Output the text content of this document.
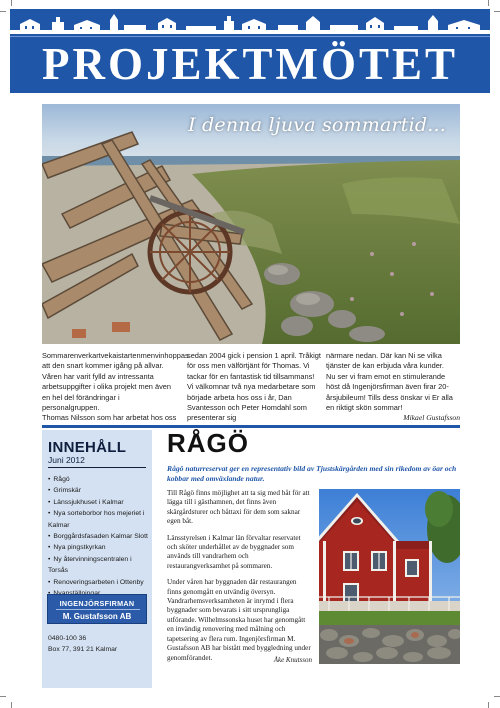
PROJEKTMÖTET
I denna ljuva sommartid...

Sommarenverkartvekaistartenmenvinhoppas att den snart kommer igång på allvar. Våren har varit fylld av intressanta arbetsuppgifter i olika projekt men även en hel del förändringar i personalgruppen.

Thomas Nilsson som har arbetat hos oss

sedan 2004 gick i pension 1 april. Tråkigt för oss men välförtjänt för Thomas. Vi tackar för en fantastisk tid tillsammans! Vi välkomnar två nya medarbetare som började arbeta hos oss i år, Dan Svantesson och Peter Homdahl som presenterar sig

närmare nedan. Där kan Ni se vilka tjänster de kan erbjuda våra kunder.

Nu ser vi fram emot en stimulerande höst då Ingenjörsfirman även firar 20-årsjubileum! Tills dess önskar vi Er alla en riktigt skön sommar!

Mikael Gustafsson

INNEHÅLL
Juni 2012
• Rågö
• Grimskär
• Länssjukhuset i Kalmar
• Nya sorteborbor hos mejeriet i Kalmar
• Borggårdsfasaden Kalmar Slott
• Nya pingstkyrkan
• Ny återvinningscentralen i Torsås
• Renoveringsarbeten i Ottenby
•
INGENJÖRSFIRMAN
M. Gustafsson AB
0480-100 36
Box 77, 391 21 Kalmar
RÅGÖ

Rågö naturreservat ger en representativ bild av Tjustskärgården med sin rikedom av öar och kobbar med omväxlande natur.

Till Rågö finns möjlighet att ta sig med båt för att lägga till i gästhamnen, det finns även skärgårdsturer och båttaxi för dem som saknar egen båt.

Länsstyrelsen i Kalmar län förvaltar reservatet och sköter underhållet av de byggnader som används till vandrarhem och restaurangverksamhet på sommaren.

Under våren har byggnaden där restaurangen finns genomgått en utvändig översyn. Vandrarhemsverksamheten är inrymd i flera byggnader som bevarats i sitt ursprungliga utförande. Wilhelmssonska huset har genomgått en invändig renovering med målning och tapetsering av flera rum. Ingenjörsfirman M. Gustafsson AB har bistått med byggledning under genomförandet.	Åke Knutsson
